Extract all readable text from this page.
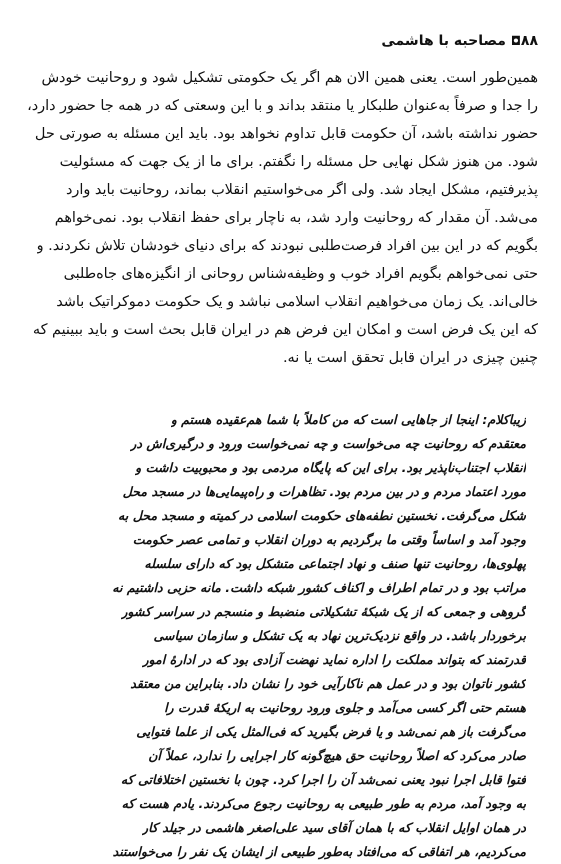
۸۸◘ مصاحبه با هاشمی
همین‌طور است. یعنی همین الان هم اگر یک حکومتی تشکیل شود و روحانیت خودش
را جدا و صرفاً به‌عنوان طلبکار یا منتقد بداند و با این وسعتی که در همه جا حضور دارد،
حضور نداشته باشد، آن حکومت قابل تداوم نخواهد بود. باید این مسئله به صورتی حل
شود. من هنوز شکل نهایی حل مسئله را نگفتم. برای ما از یک جهت که مسئولیت
پذیرفتیم، مشکل ایجاد شد. ولی اگر می‌خواستیم انقلاب بماند، روحانیت باید وارد
می‌شد. آن مقدار که روحانیت وارد شد، به ناچار برای حفظ انقلاب بود. نمی‌خواهم
بگویم که در این بین افراد فرصت‌طلبی نبودند که برای دنیای خودشان تلاش نکردند. و
حتی نمی‌خواهم بگویم افراد خوب و وظیفه‌شناس روحانی از انگیزه‌های جاه‌طلبی
خالی‌اند. یک زمان می‌خواهیم انقلاب اسلامی نباشد و یک حکومت دموکراتیک باشد
که این یک فرض است و امکان این فرض هم در ایران قابل بحث است و باید ببینیم که
چنین چیزی در ایران قابل تحقق است یا نه.
زیباکلام: اینجا از جاهایی است که من کاملاً با شما هم‌عقیده هستم و
معتقدم که روحانیت چه می‌خواست و چه نمی‌خواست ورود و درگیری‌اش در
انقلاب اجتناب‌ناپذیر بود. برای این که پایگاه مردمی بود و محبوبیت داشت و
مورد اعتماد مردم و در بین مردم بود. تظاهرات و راه‌پیمایی‌ها در مسجد محل
شکل می‌گرفت. نخستین نطفه‌های حکومت اسلامی در کمیته و مسجد محل به
وجود آمد و اساساً وقتی ما برگردیم به دوران انقلاب و تمامی عصر حکومت
پهلوی‌ها، روحانیت تنها صنف و نهاد اجتماعی متشکل بود که دارای سلسله
مراتب بود و در تمام اطراف و اکناف کشور شبکه داشت. مانه حزبی داشتیم نه
گروهی و جمعی که از یک شبکهٔ تشکیلاتی منضبط و منسجم در سراسر کشور
برخوردار باشد. در واقع نزدیک‌ترین نهاد به یک تشکل و سازمان سیاسی
قدرتمند که بتواند مملکت را اداره نماید نهضت آزادی بود که در ادارهٔ امور
کشور ناتوان بود و در عمل هم ناکارآیی خود را نشان داد. بنابراین من معتقد
هستم حتی اگر کسی می‌آمد و جلوی ورود روحانیت به اریکهٔ قدرت را
می‌گرفت باز هم نمی‌شد و یا فرض بگیرید که فی‌المثل یکی از علما فتوایی
صادر می‌کرد که اصلاً روحانیت حق هیچ‌گونه کار اجرایی را ندارد، عملاً آن
فتوا قابل اجرا نبود یعنی نمی‌شد آن را اجرا کرد. چون با نخستین اختلافاتی که
به وجود آمد، مردم به طور طبیعی به روحانیت رجوع می‌کردند. یادم هست که
در همان اوایل انقلاب که با همان آقای سید علی‌اصغر هاشمی در جیلد کار
می‌کردیم، هر اتفاقی که می‌افتاد به‌طور طبیعی از ایشان یک نفر را می‌خواستند
